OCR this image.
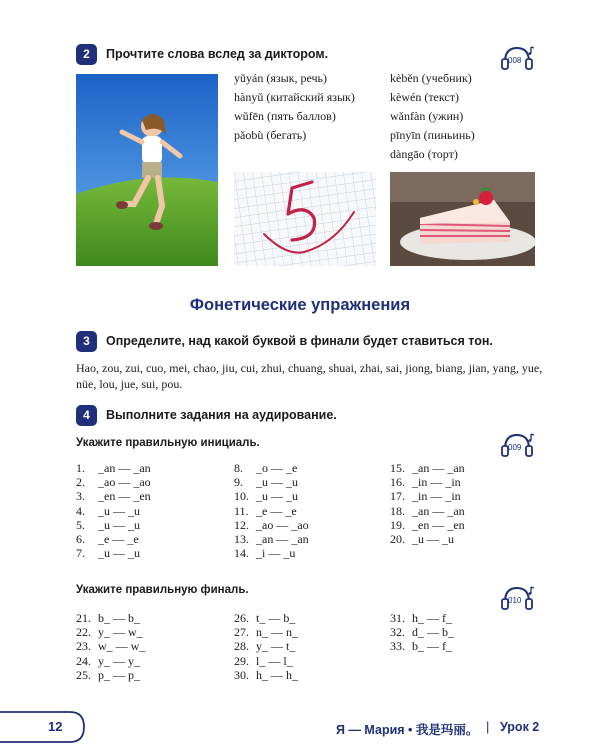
2	Прочтите слова вслед за диктором.	008
yǔyán (язык, речь)
hànyǔ (китайский язык)
wǔfēn (пять баллов)
pǎobù (бегать)
kèběn (учебник)
kèwén (текст)
wǎnfàn (ужин)
pīnyīn (пиньинь)
dàngāo (торт)
Фонетические упражнения
3	Определите, над какой буквой в финали будет ставиться тон.
Hao, zou, zui, cuo, mei, chao, jiu, cui, zhui, chuang, shuai, zhai, sai, jiong, biang, jian, yang, yue, nüe, lou, jue, sui, pou.
4	Выполните задания на аудирование.
Укажите правильную инициаль.	009
1. _an — _an
2. _ao — _ao
3. _en — _en
4. _u — _u
5. _u — _u
6. _e — _e
7. _u — _u
8. _o — _e
9. _u — _u
10. _u — _u
11. _e — _e
12. _ao — _ao
13. _an — _an
14. _i — _u
15. _an — _an
16. _in — _in
17. _in — _in
18. _an — _an
19. _en — _en
20. _u — _u
Укажите правильную финаль.
010
21. b_ — b_
22. y_ — w_
23. w_ — w_
24. y_ — y_
25. p_ — p_
26. t_ — b_
27. n_ — n_
28. y_ — t_
29. l_ — l_
30. h_ — h_
31. h_ — f_
32. d_ — b_
33. b_ — f_
12	Я — Мария • 我是玛丽。 | Урок 2
